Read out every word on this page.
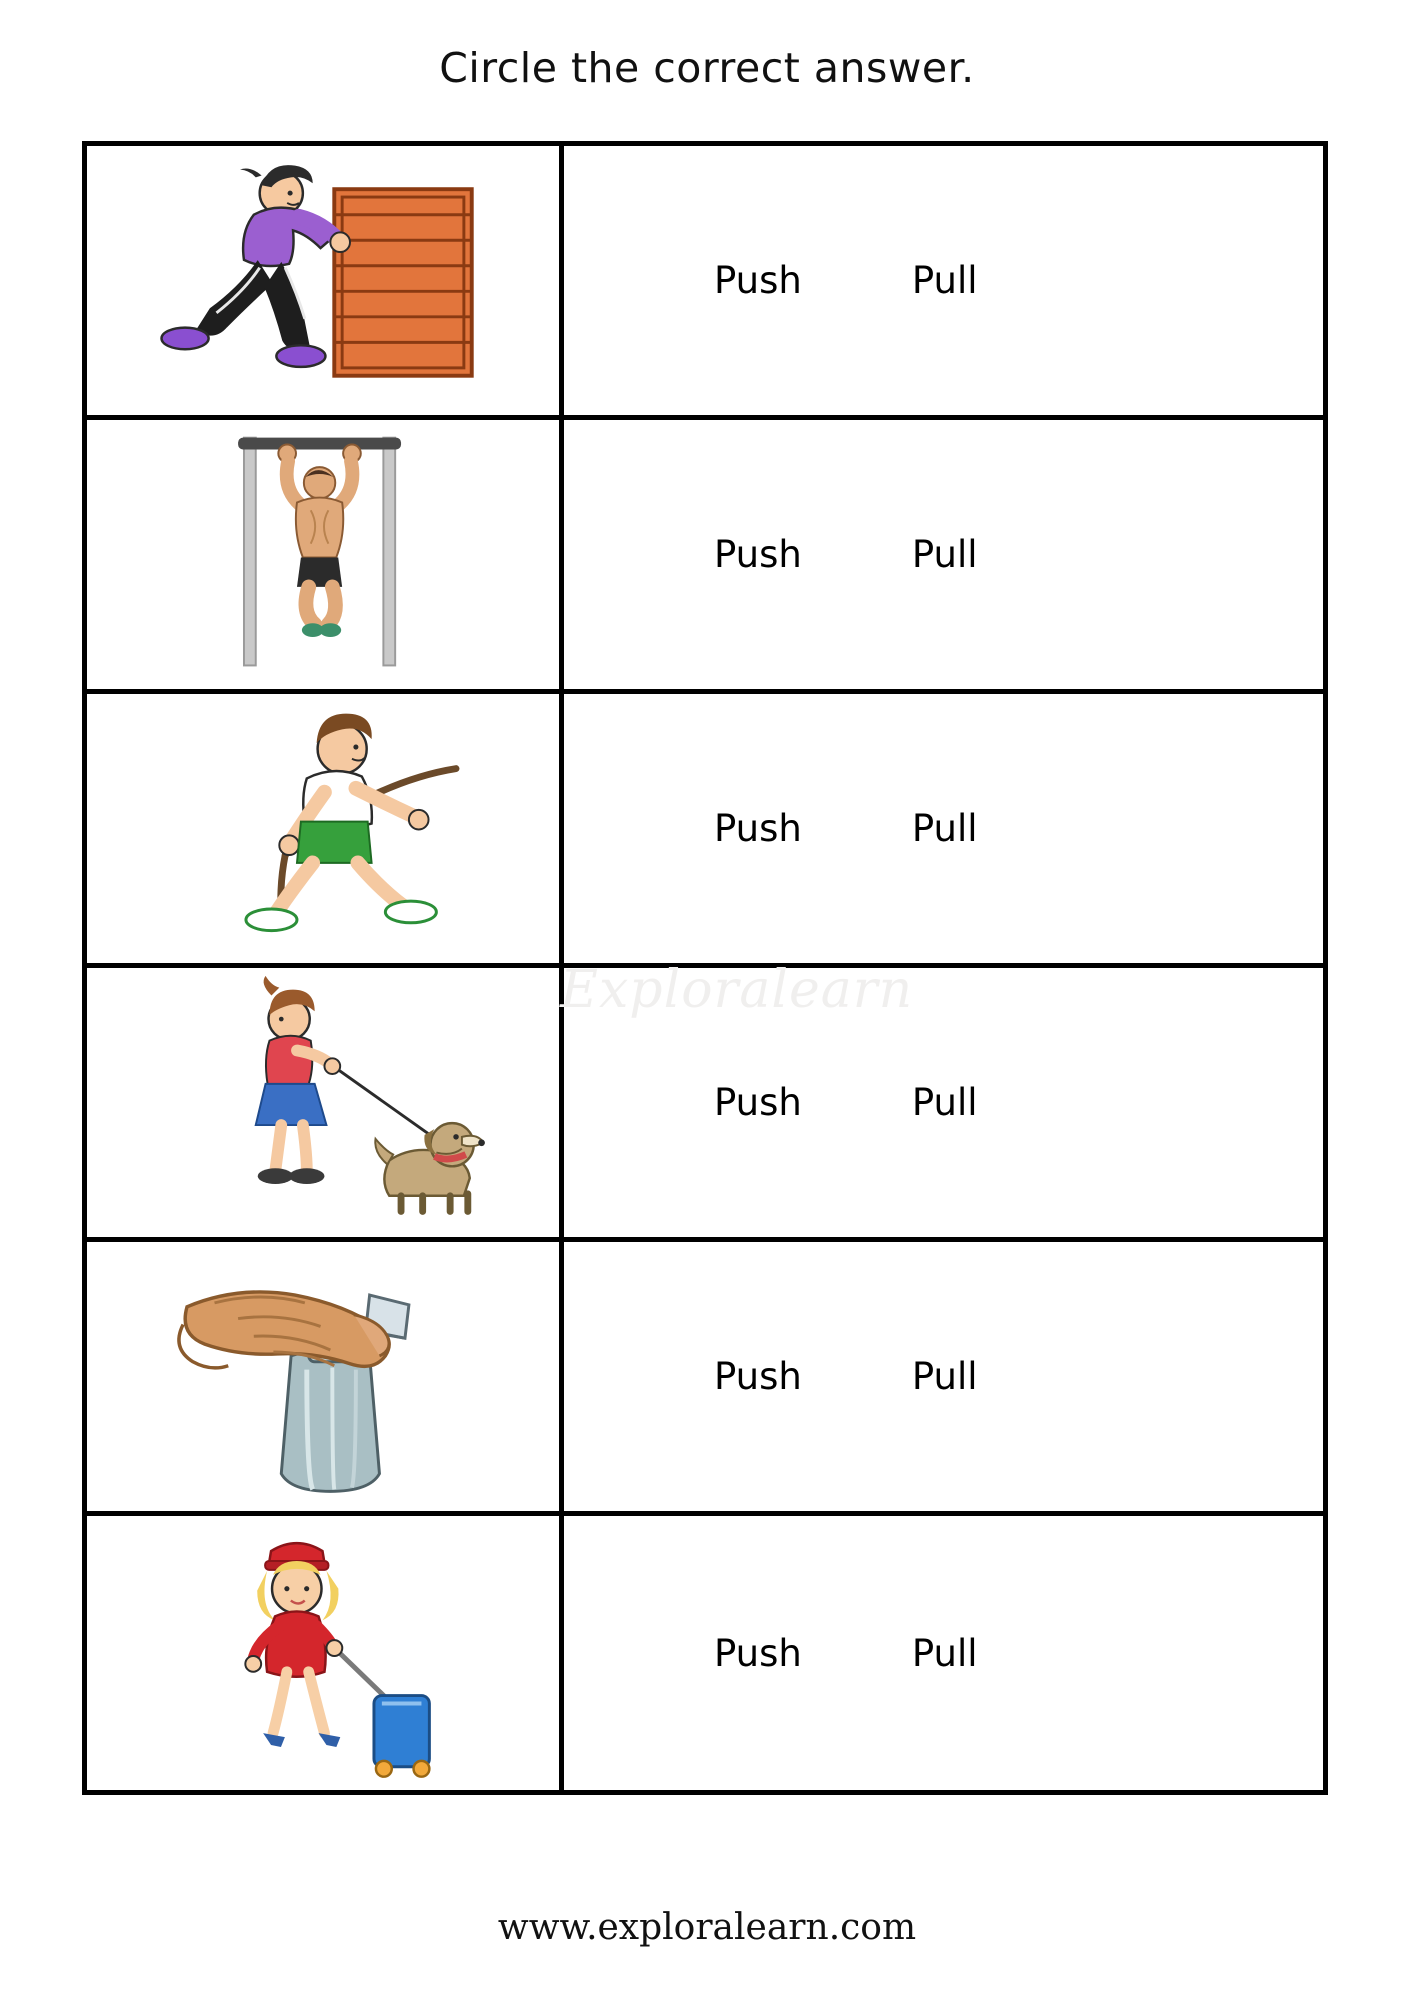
Circle the correct answer.
Exploralearn
Push	Pull
Push	Pull
Push	Pull
Push	Pull
Push	Pull
Push	Pull
www.exploralearn.com
